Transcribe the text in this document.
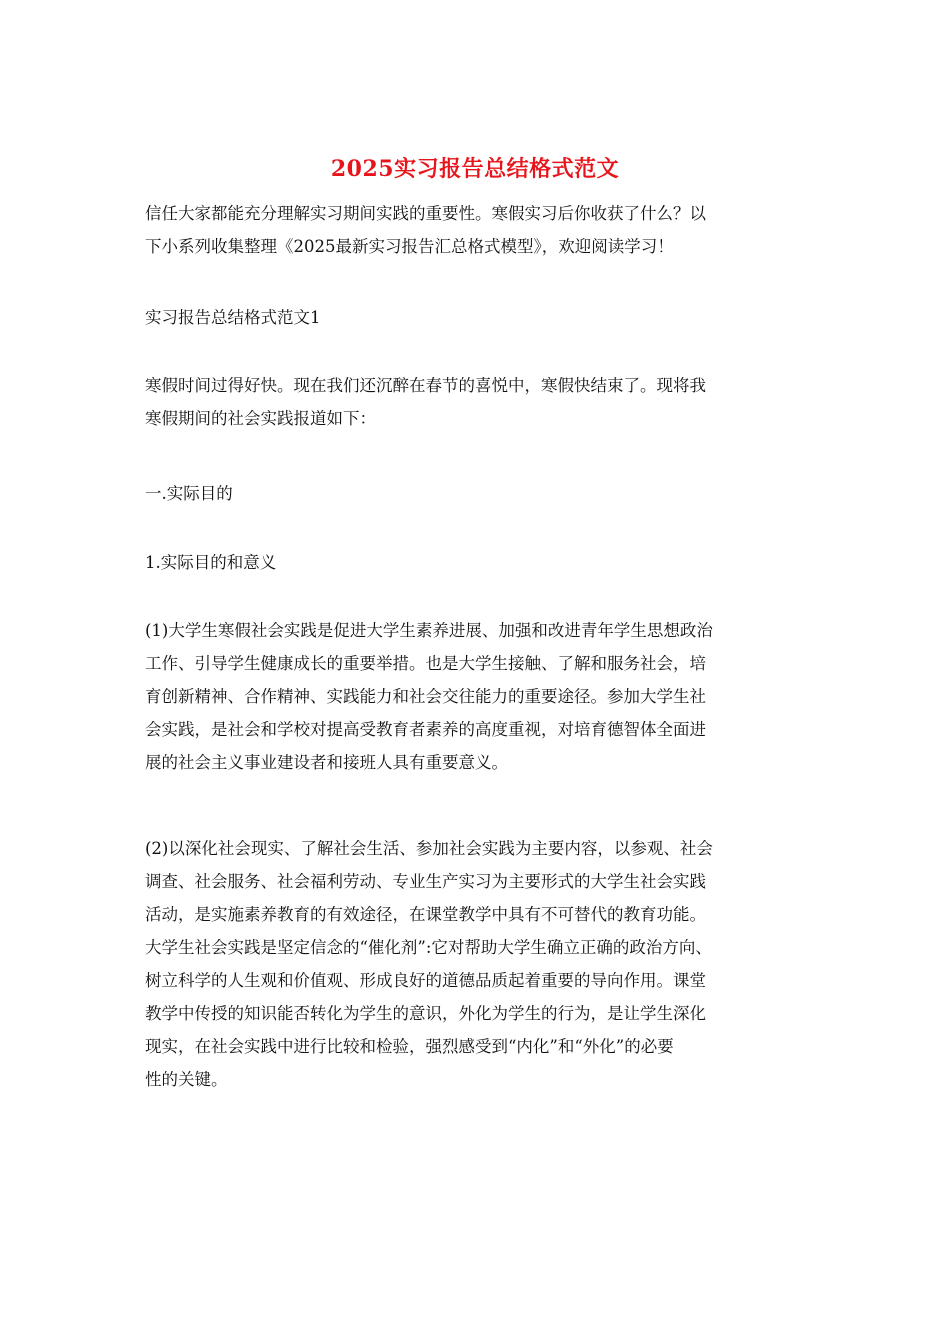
2025实习报告总结格式范文
信任大家都能充分理解实习期间实践的重要性。寒假实习后你收获了什么？以
下小系列收集整理《2025最新实习报告汇总格式模型》，欢迎阅读学习！
实习报告总结格式范文1
寒假时间过得好快。现在我们还沉醉在春节的喜悦中，寒假快结束了。现将我
寒假期间的社会实践报道如下：
一.实际目的
1.实际目的和意义
(1)大学生寒假社会实践是促进大学生素养进展、加强和改进青年学生思想政治
工作、引导学生健康成长的重要举措。也是大学生接触、了解和服务社会，培
育创新精神、合作精神、实践能力和社会交往能力的重要途径。参加大学生社
会实践，是社会和学校对提高受教育者素养的高度重视，对培育德智体全面进
展的社会主义事业建设者和接班人具有重要意义。
(2)以深化社会现实、了解社会生活、参加社会实践为主要内容，以参观、社会
调查、社会服务、社会福利劳动、专业生产实习为主要形式的大学生社会实践
活动，是实施素养教育的有效途径，在课堂教学中具有不可替代的教育功能。
大学生社会实践是坚定信念的“催化剂”:它对帮助大学生确立正确的政治方向、
树立科学的人生观和价值观、形成良好的道德品质起着重要的导向作用。课堂
教学中传授的知识能否转化为学生的意识，外化为学生的行为，是让学生深化
现实，在社会实践中进行比较和检验，强烈感受到“内化”和“外化”的必要
性的关键。
